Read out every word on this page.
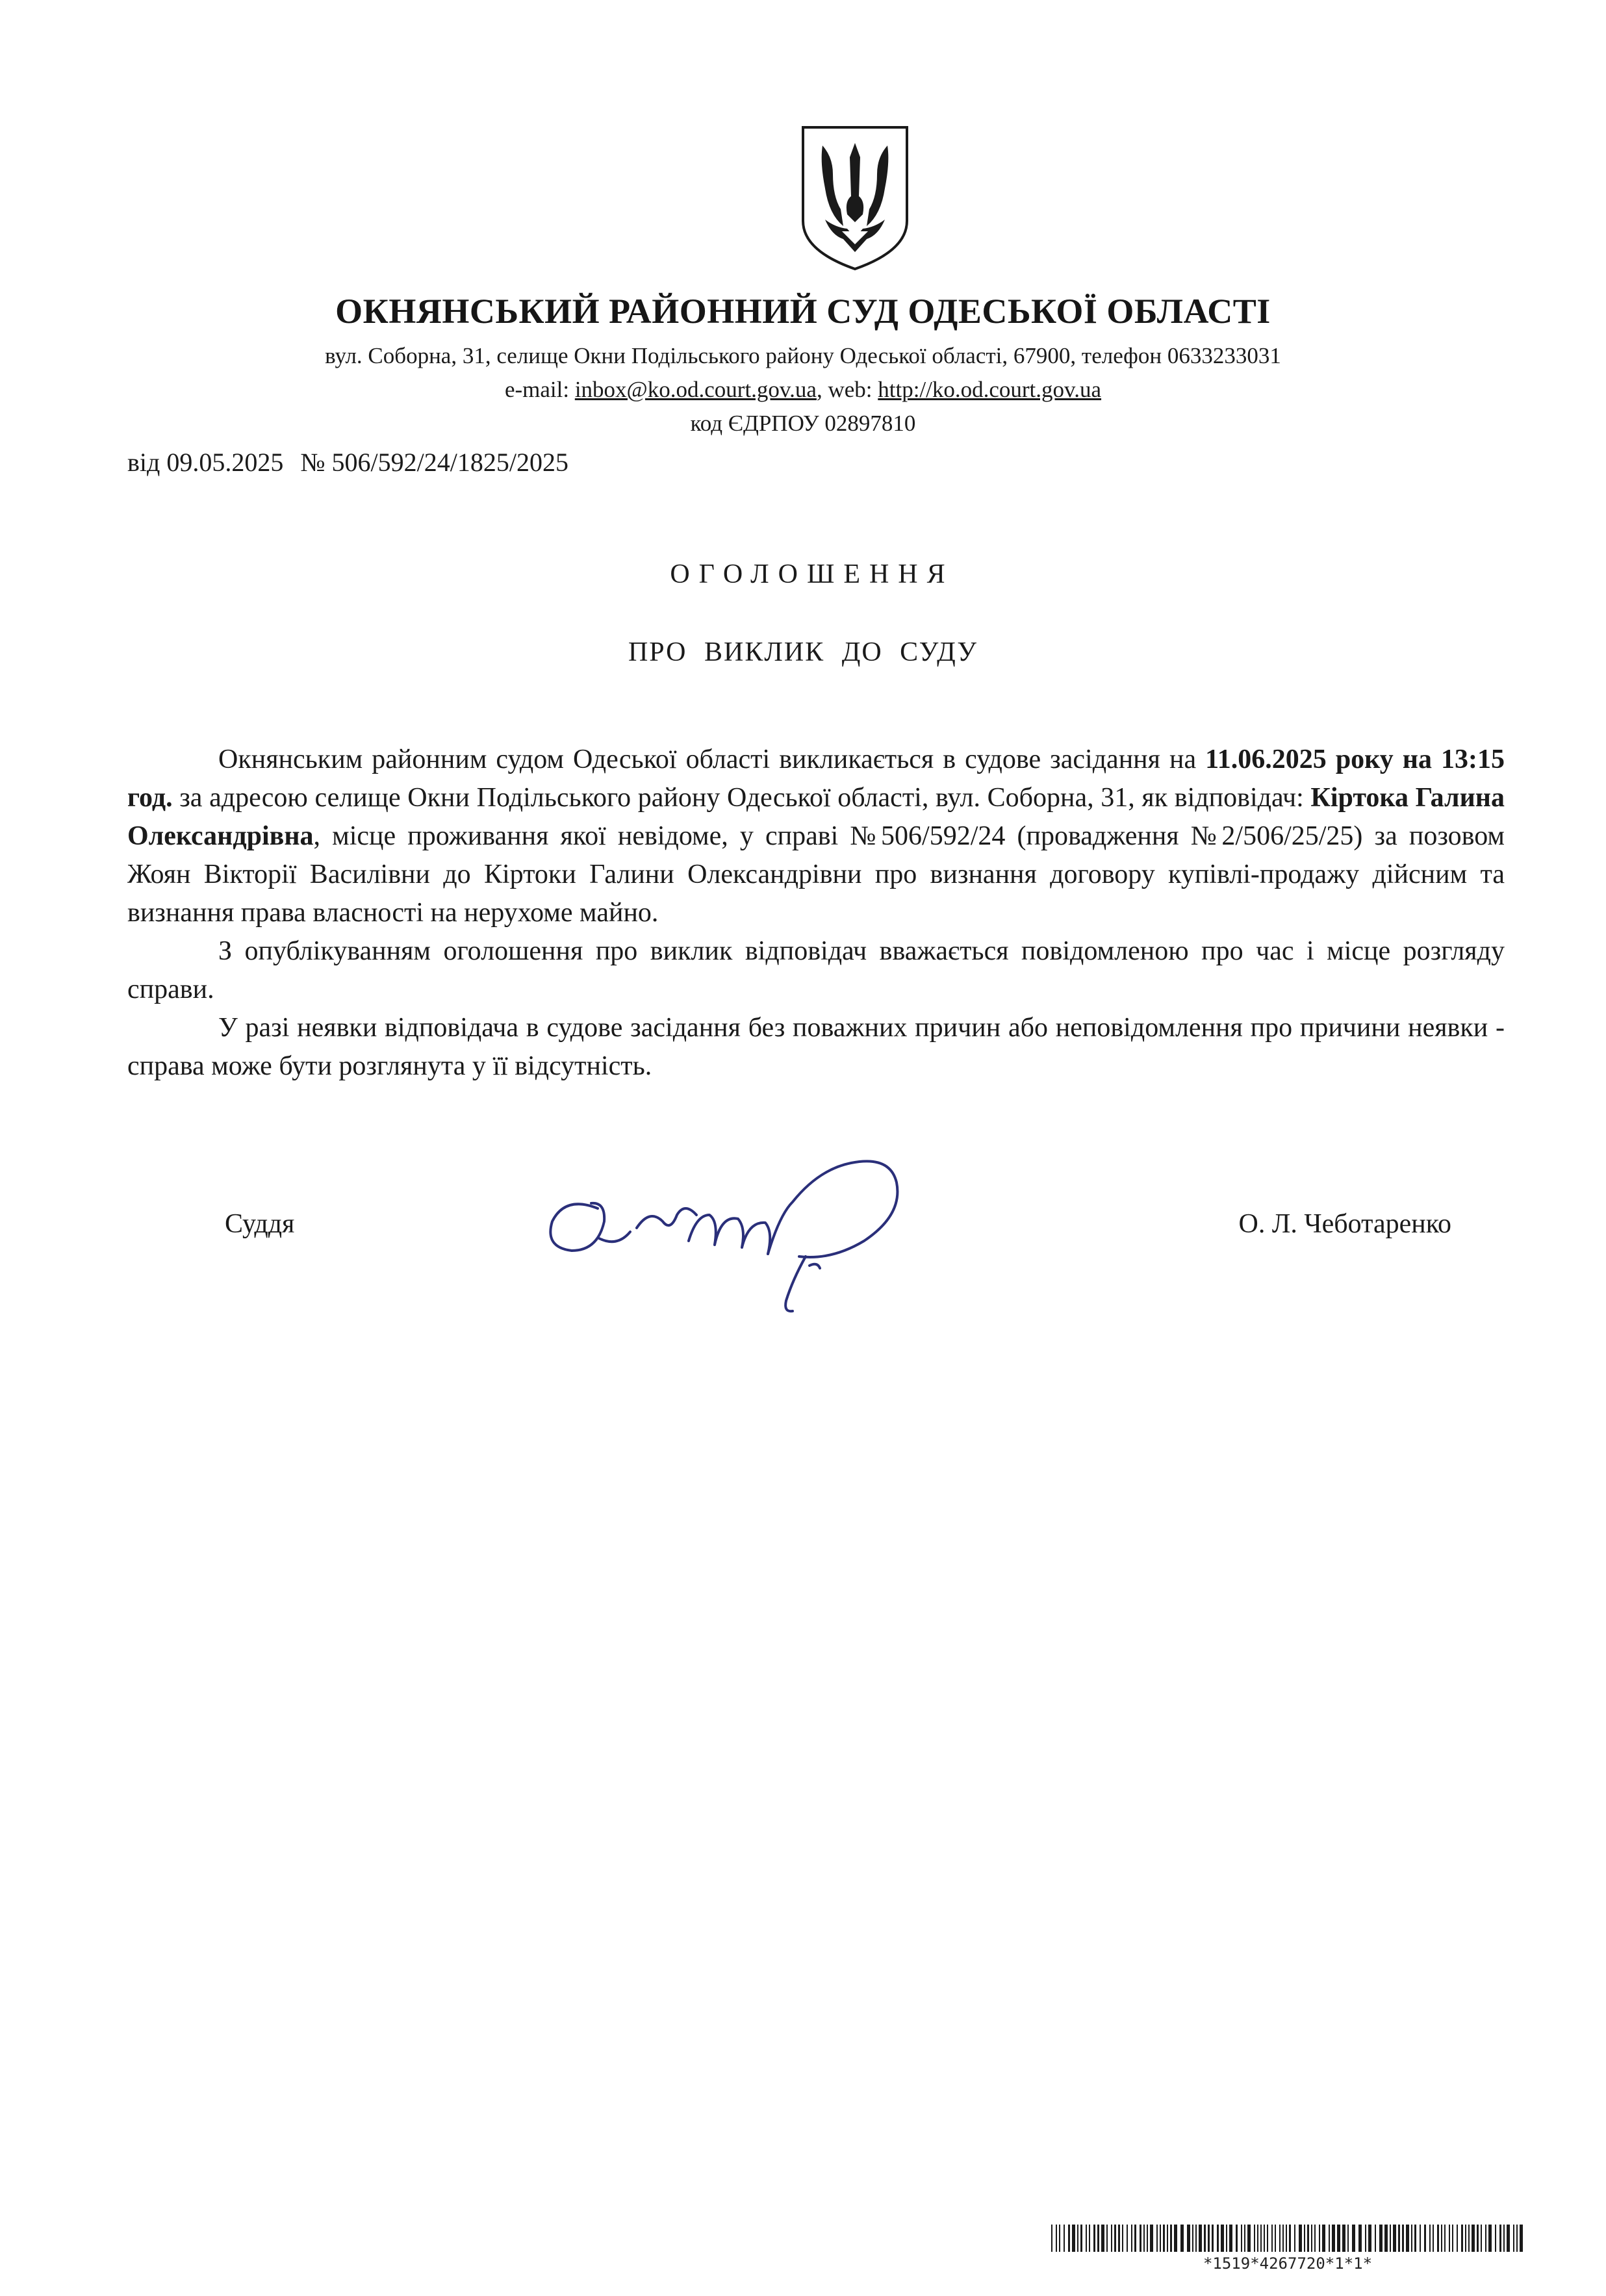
ОКНЯНСЬКИЙ РАЙОННИЙ СУД ОДЕСЬКОЇ ОБЛАСТІ
вул. Соборна, 31, селище Окни Подільського району Одеської області, 67900, телефон 0633233031
e-mail: inbox@ko.od.court.gov.ua, web: http://ko.od.court.gov.ua
код ЄДРПОУ 02897810
від 09.05.2025 № 506/592/24/1825/2025
ОГОЛОШЕННЯ
ПРО ВИКЛИК ДО СУДУ

Окнянським районним судом Одеської області викликається в судове засідання на 11.06.2025 року на 13:15 год. за адресою селище Окни Подільського району Одеської області, вул. Соборна, 31, як відповідач: Кіртока Галина Олександрівна, місце проживання якої невідоме, у справі №506/592/24 (провадження №2/506/25/25) за позовом Жоян Вікторії Василівни до Кіртоки Галини Олександрівни про визнання договору купівлі-продажу дійсним та визнання права власності на нерухоме майно.

З опублікуванням оголошення про виклик відповідач вважається повідомленою про час і місце розгляду справи.

У разі неявки відповідача в судове засідання без поважних причин або неповідомлення про причини неявки - справа може бути розглянута у її відсутність.

Суддя	О. Л. Чеботаренко
*1519*4267720*1*1*
